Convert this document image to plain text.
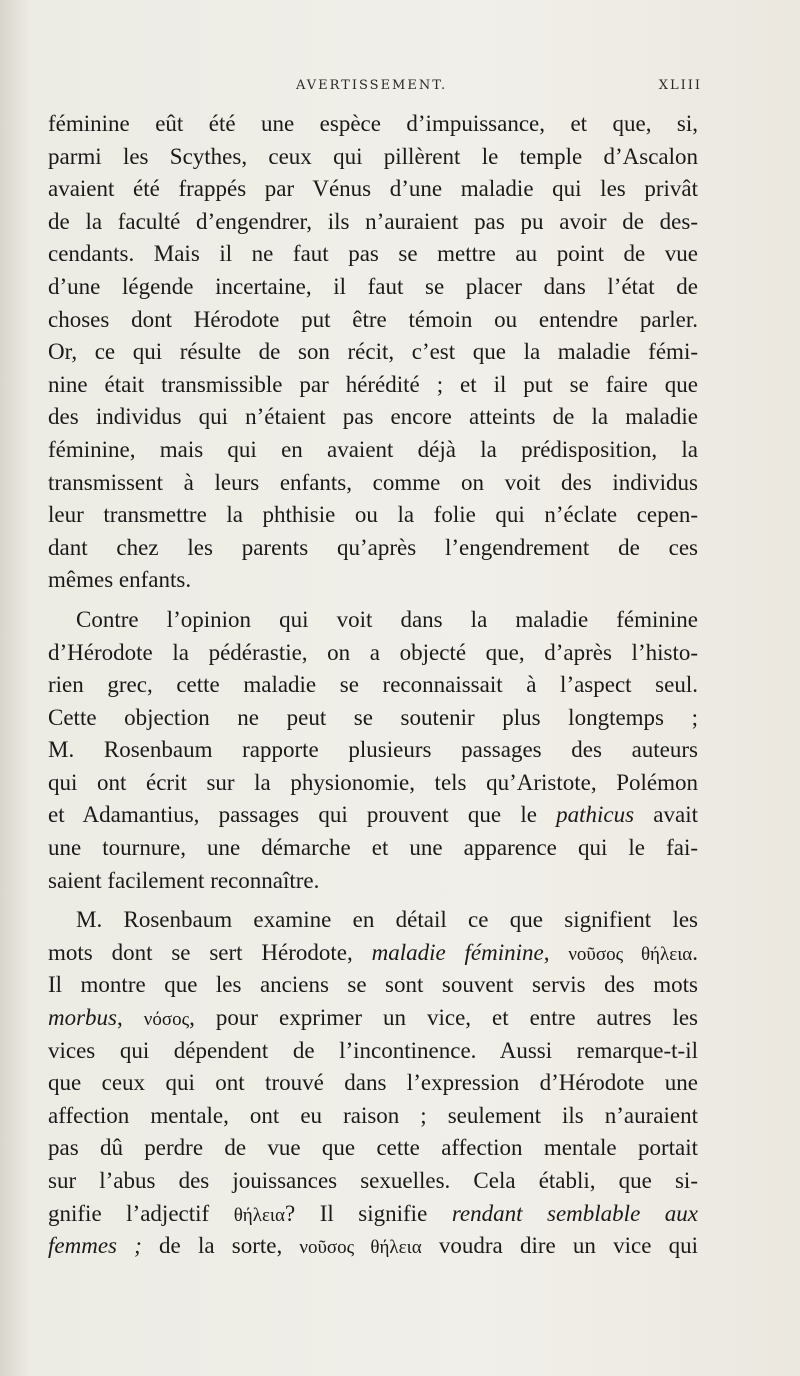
AVERTISSEMENT.	XLIII
féminine eût été une espèce d’impuissance, et que, si,
parmi les Scythes, ceux qui pillèrent le temple d’Ascalon
avaient été frappés par Vénus d’une maladie qui les privât
de la faculté d’engendrer, ils n’auraient pas pu avoir de des-
cendants. Mais il ne faut pas se mettre au point de vue
d’une légende incertaine, il faut se placer dans l’état de
choses dont Hérodote put être témoin ou entendre parler.
Or, ce qui résulte de son récit, c’est que la maladie fémi-
nine était transmissible par hérédité ; et il put se faire que
des individus qui n’étaient pas encore atteints de la maladie
féminine, mais qui en avaient déjà la prédisposition, la
transmissent à leurs enfants, comme on voit des individus
leur transmettre la phthisie ou la folie qui n’éclate cepen-
dant chez les parents qu’après l’engendrement de ces
mêmes enfants.
Contre l’opinion qui voit dans la maladie féminine
d’Hérodote la pédérastie, on a objecté que, d’après l’histo-
rien grec, cette maladie se reconnaissait à l’aspect seul.
Cette objection ne peut se soutenir plus longtemps ;
M. Rosenbaum rapporte plusieurs passages des auteurs
qui ont écrit sur la physionomie, tels qu’Aristote, Polémon
et Adamantius, passages qui prouvent que le pathicus avait
une tournure, une démarche et une apparence qui le fai-
saient facilement reconnaître.
M. Rosenbaum examine en détail ce que signifient les
mots dont se sert Hérodote, maladie féminine, νοῦσος θήλεια.
Il montre que les anciens se sont souvent servis des mots
morbus, νόσος, pour exprimer un vice, et entre autres les
vices qui dépendent de l’incontinence. Aussi remarque-t-il
que ceux qui ont trouvé dans l’expression d’Hérodote une
affection mentale, ont eu raison ; seulement ils n’auraient
pas dû perdre de vue que cette affection mentale portait
sur l’abus des jouissances sexuelles. Cela établi, que si-
gnifie l’adjectif θήλεια? Il signifie rendant semblable aux
femmes ; de la sorte, νοῦσος θήλεια voudra dire un vice qui
